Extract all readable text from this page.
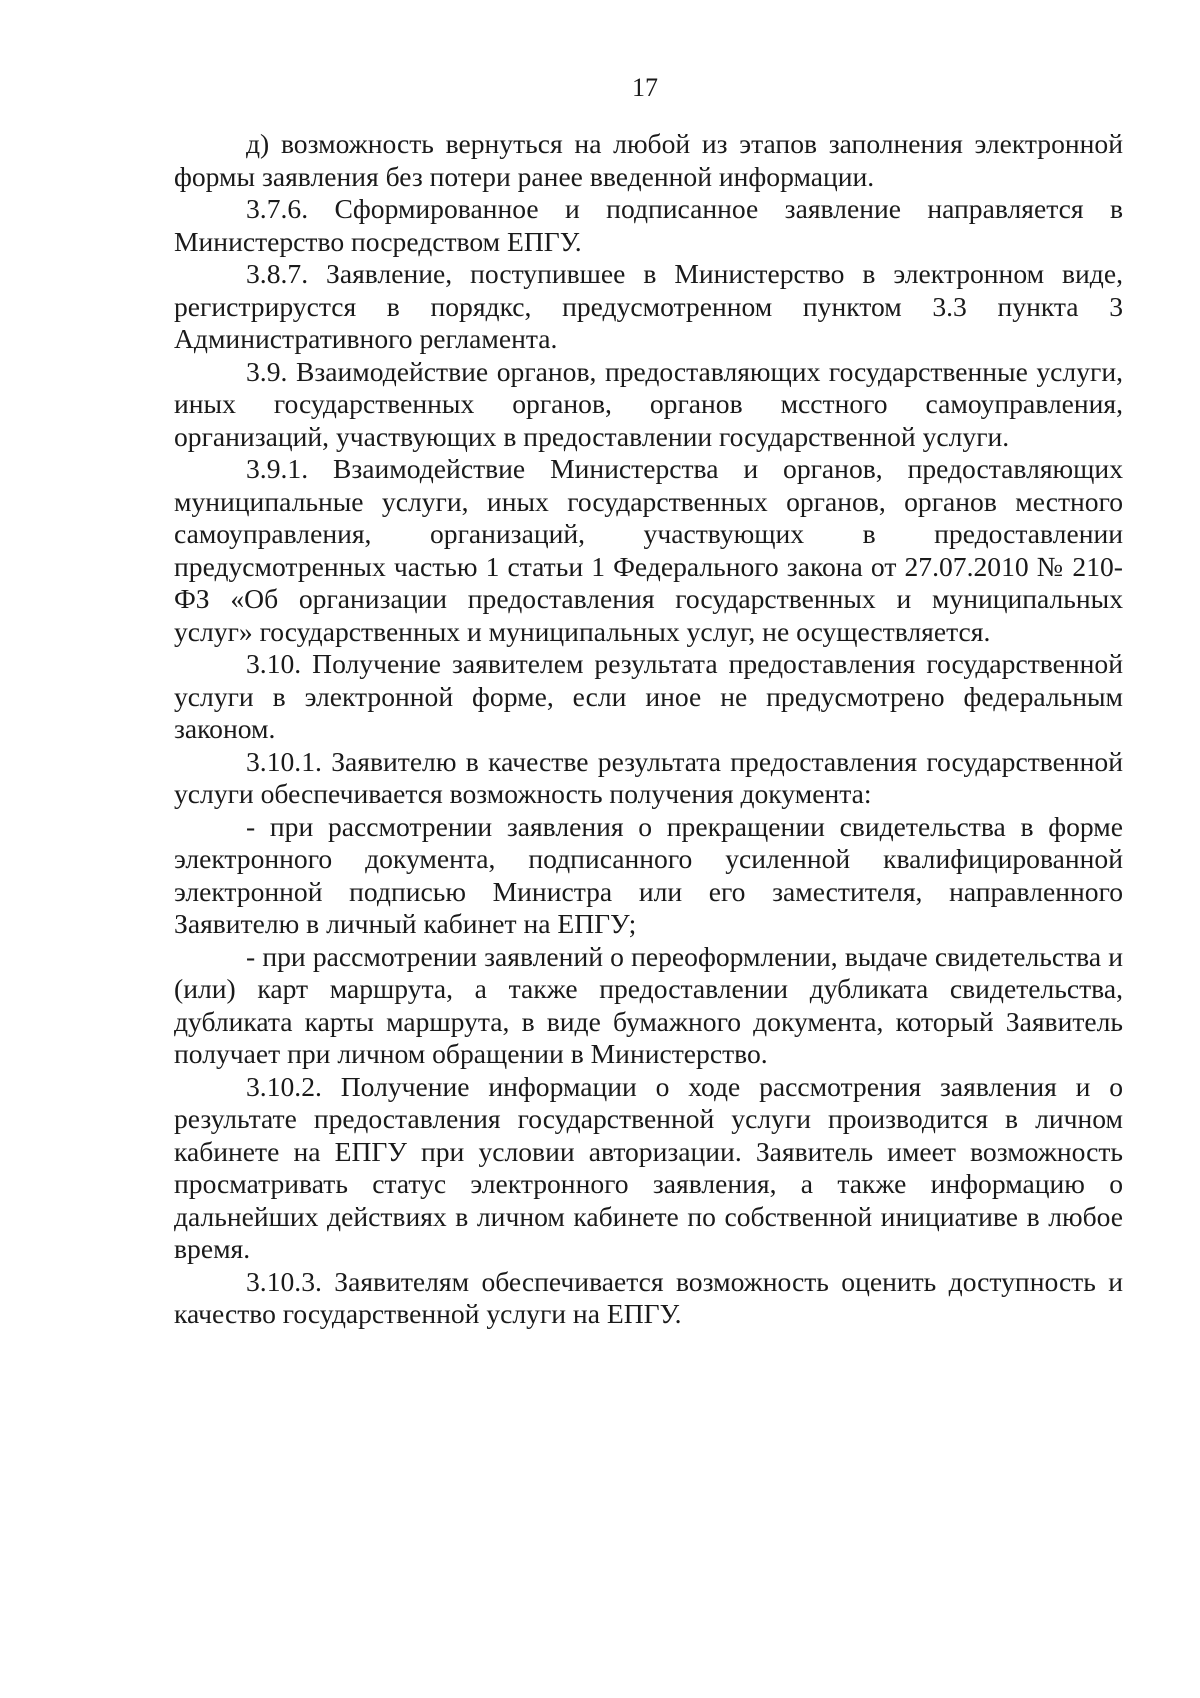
17

д) возможность вернуться на любой из этапов заполнения электронной формы заявления без потери ранее введенной информации.

3.7.6. Сформированное и подписанное заявление направляется в Министерство посредством ЕПГУ.

3.8.7. Заявление, поступившее в Министерство в электронном виде, регистрирустся в порядкс, предусмотренном пунктом 3.3 пункта 3 Административного регламента.

3.9. Взаимодействие органов, предоставляющих государственные услуги, иных государственных органов, органов мсстного самоуправления, организаций, участвующих в предоставлении государственной услуги.

3.9.1. Взаимодействие Министерства и органов, предоставляющих муниципальные услуги, иных государственных органов, органов местного самоуправления, организаций, участвующих в предоставлении предусмотренных частью 1 статьи 1 Федерального закона от 27.07.2010 № 210-ФЗ «Об организации предоставления государственных и муниципальных услуг» государственных и муниципальных услуг, не осуществляется.

3.10. Получение заявителем результата предоставления государственной услуги в электронной форме, если иное не предусмотрено федеральным законом.

3.10.1. Заявителю в качестве результата предоставления государственной услуги обеспечивается возможность получения документа:

- при рассмотрении заявления о прекращении свидетельства в форме электронного документа, подписанного усиленной квалифицированной электронной подписью Министра или его заместителя, направленного Заявителю в личный кабинет на ЕПГУ;

- при рассмотрении заявлений о переоформлении, выдаче свидетельства и (или) карт маршрута, а также предоставлении дубликата свидетельства, дубликата карты маршрута, в виде бумажного документа, который Заявитель получает при личном обращении в Министерство.

3.10.2. Получение информации о ходе рассмотрения заявления и о результате предоставления государственной услуги производится в личном кабинете на ЕПГУ при условии авторизации. Заявитель имеет возможность просматривать статус электронного заявления, а также информацию о дальнейших действиях в личном кабинете по собственной инициативе в любое время.

3.10.3. Заявителям обеспечивается возможность оценить доступность и качество государственной услуги на ЕПГУ.
